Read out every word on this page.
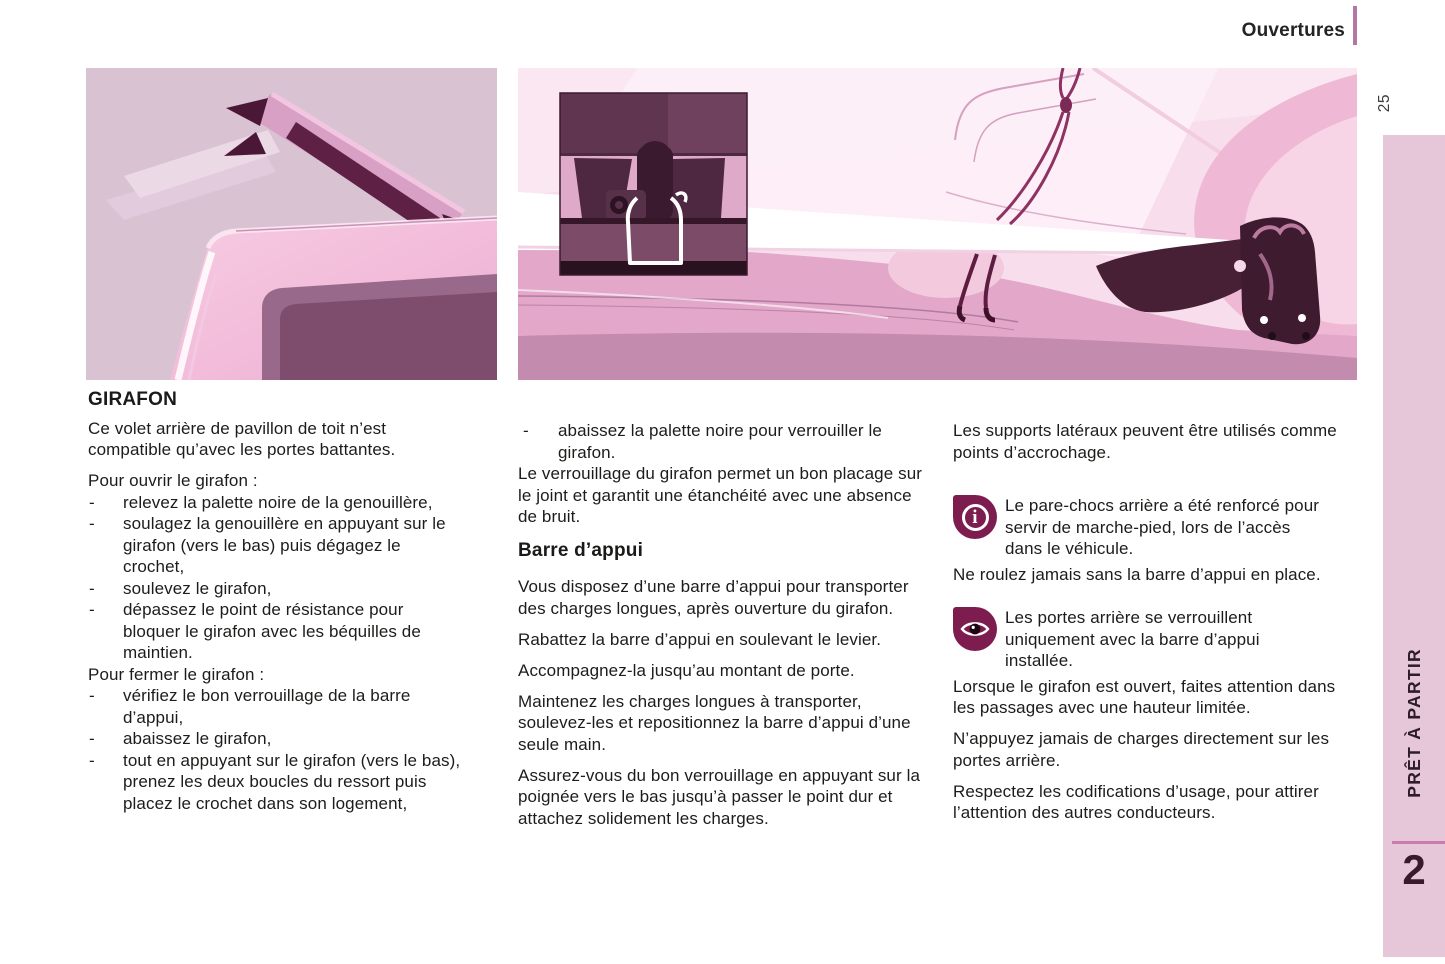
Ouvertures
25
GIRAFON

Ce volet arrière de pavillon de toit n’est compatible qu’avec les portes battantes.

Pour ouvrir le girafon :

- relevez la palette noire de la genouillère,
- soulagez la genouillère en appuyant sur le girafon (vers le bas) puis dégagez le crochet,
- soulevez le girafon,
- dépassez le point de résistance pour bloquer le girafon avec les béquilles de maintien.

Pour fermer le girafon :

- vérifiez le bon verrouillage de la barre d’appui,
- abaissez le girafon,
- tout en appuyant sur le girafon (vers le bas), prenez les deux boucles du ressort puis placez le crochet dans son logement,
- abaissez la palette noire pour verrouiller le girafon.

Le verrouillage du girafon permet un bon placage sur le joint et garantit une étanchéité avec une absence de bruit.

Barre d’appui

Vous disposez d’une barre d’appui pour transporter des charges longues, après ouverture du girafon.

Rabattez la barre d’appui en soulevant le levier.

Accompagnez-la jusqu’au montant de porte.

Maintenez les charges longues à transporter, soulevez-les et repositionnez la barre d’appui d’une seule main.

Assurez-vous du bon verrouillage en appuyant sur la poignée vers le bas jusqu’à passer le point dur et attachez solidement les charges.

Les supports latéraux peuvent être utilisés comme points d’accrochage.

i
Le pare-chocs arrière a été renforcé pour servir de marche-pied, lors de l’accès dans le véhicule.

Ne roulez jamais sans la barre d’appui en place.

Les portes arrière se verrouillent uniquement avec la barre d’appui installée.

Lorsque le girafon est ouvert, faites attention dans les passages avec une hauteur limitée.

N’appuyez jamais de charges directement sur les portes arrière.

Respectez les codifications d’usage, pour attirer l’attention des autres conducteurs.

PRÊT À PARTIR
2
